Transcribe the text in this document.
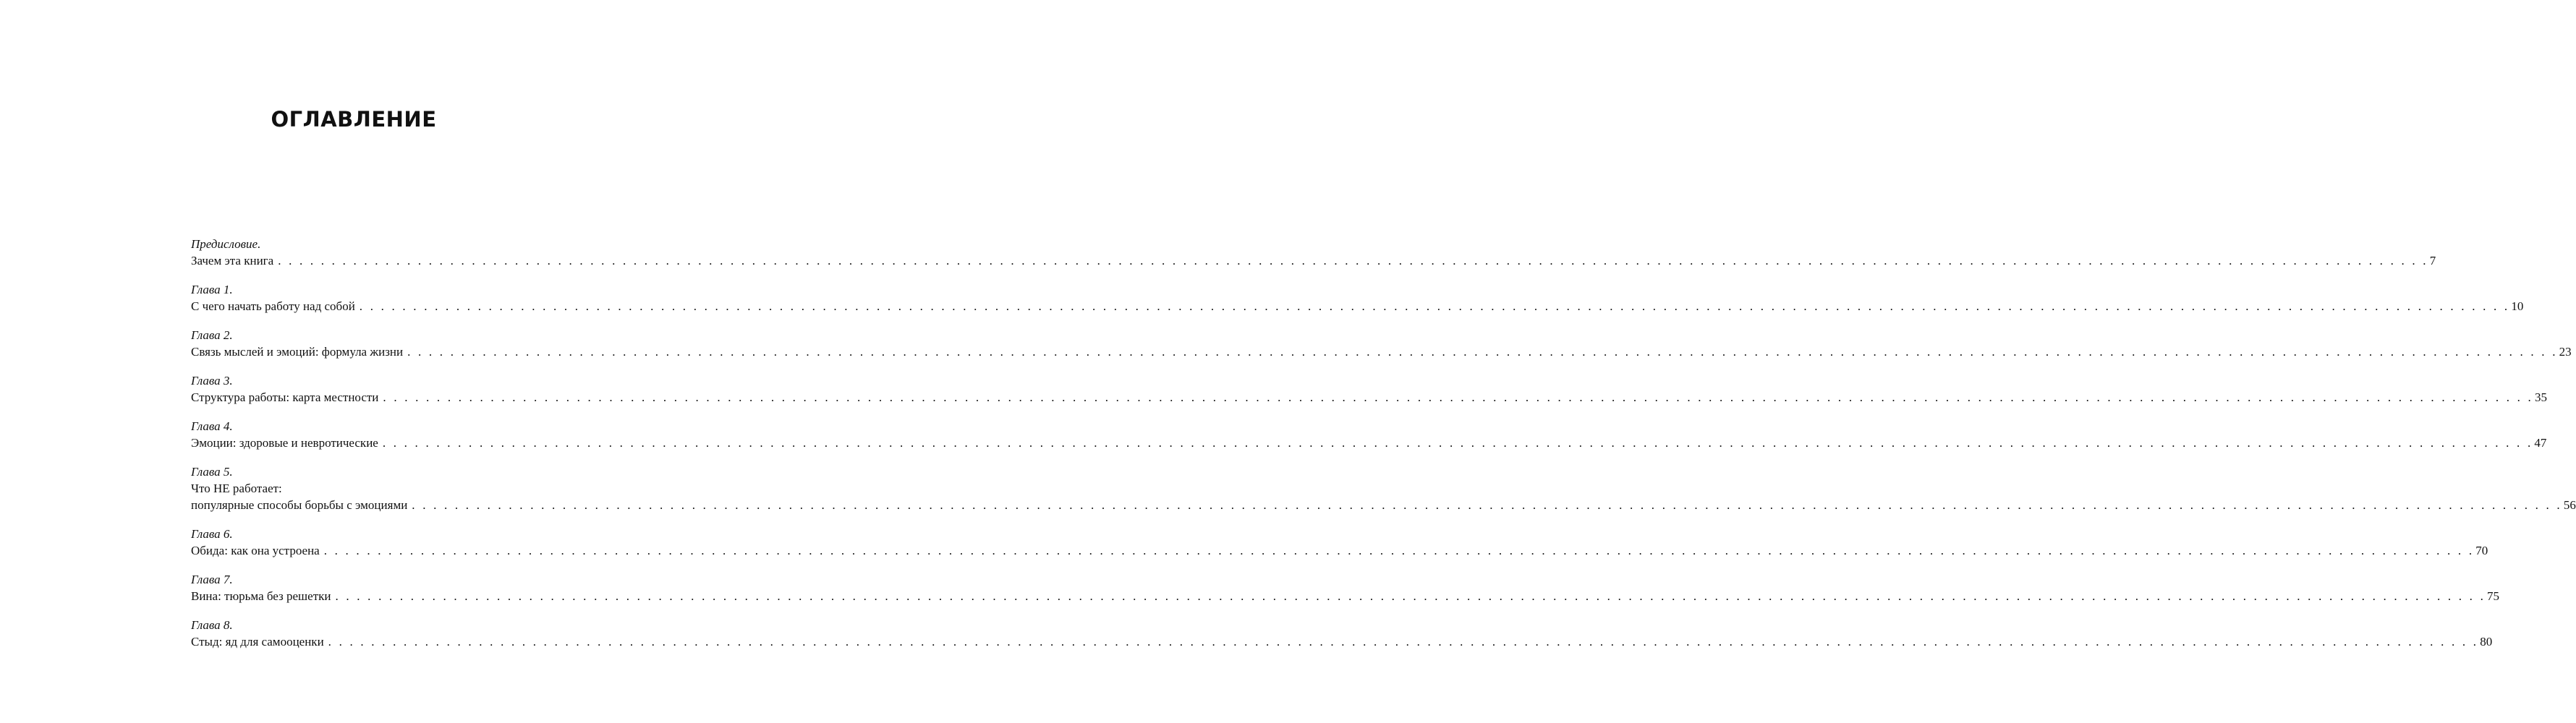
ОГЛАВЛЕНИЕ
Предисловие.
Зачем эта книга . . . . . . . . . . . . . . . . . . . . . . . . . . . . . . . . . . . . . . . . . . . . . . . . . . . . . . . . . . . . . . . . . . . . . . . . . . . . . . . . . . . . . . . . . . . . . . . . . . . . . . . . . . . . . . . . . . . . . . . . . . . . . . . . . . . . . . . . . . . . . . . . . . . . . . . . . . . . . . . . . . . . . . . . . . . . . . . . . . . . . . . . . . . . . . . . . . . . . . . . 7
Глава 1.
С чего начать работу над собой . . . . . . . . . . . . . . . . . . . . . . . . . . . . . . . . . . . . . . . . . . . . . . . . . . . . . . . . . . . . . . . . . . . . . . . . . . . . . . . . . . . . . . . . . . . . . . . . . . . . . . . . . . . . . . . . . . . . . . . . . . . . . . . . . . . . . . . . . . . . . . . . . . . . . . . . . . . . . . . . . . . . . . . . . . . . . . . . . . . . . . . . . . . . . . . . . . . . . . . . 10
Глава 2.
Связь мыслей и эмоций: формула жизни . . . . . . . . . . . . . . . . . . . . . . . . . . . . . . . . . . . . . . . . . . . . . . . . . . . . . . . . . . . . . . . . . . . . . . . . . . . . . . . . . . . . . . . . . . . . . . . . . . . . . . . . . . . . . . . . . . . . . . . . . . . . . . . . . . . . . . . . . . . . . . . . . . . . . . . . . . . . . . . . . . . . . . . . . . . . . . . . . . . . . . . . . . . . . . . . . . . . . . . . 23
Глава 3.
Структура работы: карта местности . . . . . . . . . . . . . . . . . . . . . . . . . . . . . . . . . . . . . . . . . . . . . . . . . . . . . . . . . . . . . . . . . . . . . . . . . . . . . . . . . . . . . . . . . . . . . . . . . . . . . . . . . . . . . . . . . . . . . . . . . . . . . . . . . . . . . . . . . . . . . . . . . . . . . . . . . . . . . . . . . . . . . . . . . . . . . . . . . . . . . . . . . . . . . . . . . . . . . . . . 35
Глава 4.
Эмоции: здоровые и невротические . . . . . . . . . . . . . . . . . . . . . . . . . . . . . . . . . . . . . . . . . . . . . . . . . . . . . . . . . . . . . . . . . . . . . . . . . . . . . . . . . . . . . . . . . . . . . . . . . . . . . . . . . . . . . . . . . . . . . . . . . . . . . . . . . . . . . . . . . . . . . . . . . . . . . . . . . . . . . . . . . . . . . . . . . . . . . . . . . . . . . . . . . . . . . . . . . . . . . . . . 47
Глава 5.
Что НЕ работает:
популярные способы борьбы с эмоциями . . . . . . . . . . . . . . . . . . . . . . . . . . . . . . . . . . . . . . . . . . . . . . . . . . . . . . . . . . . . . . . . . . . . . . . . . . . . . . . . . . . . . . . . . . . . . . . . . . . . . . . . . . . . . . . . . . . . . . . . . . . . . . . . . . . . . . . . . . . . . . . . . . . . . . . . . . . . . . . . . . . . . . . . . . . . . . . . . . . . . . . . . . . . . . . . . . . . . . . . 56
Глава 6.
Обида: как она устроена . . . . . . . . . . . . . . . . . . . . . . . . . . . . . . . . . . . . . . . . . . . . . . . . . . . . . . . . . . . . . . . . . . . . . . . . . . . . . . . . . . . . . . . . . . . . . . . . . . . . . . . . . . . . . . . . . . . . . . . . . . . . . . . . . . . . . . . . . . . . . . . . . . . . . . . . . . . . . . . . . . . . . . . . . . . . . . . . . . . . . . . . . . . . . . . . . . . . . . . . 70
Глава 7.
Вина: тюрьма без решетки . . . . . . . . . . . . . . . . . . . . . . . . . . . . . . . . . . . . . . . . . . . . . . . . . . . . . . . . . . . . . . . . . . . . . . . . . . . . . . . . . . . . . . . . . . . . . . . . . . . . . . . . . . . . . . . . . . . . . . . . . . . . . . . . . . . . . . . . . . . . . . . . . . . . . . . . . . . . . . . . . . . . . . . . . . . . . . . . . . . . . . . . . . . . . . . . . . . . . . . . 75
Глава 8.
Стыд: яд для самооценки . . . . . . . . . . . . . . . . . . . . . . . . . . . . . . . . . . . . . . . . . . . . . . . . . . . . . . . . . . . . . . . . . . . . . . . . . . . . . . . . . . . . . . . . . . . . . . . . . . . . . . . . . . . . . . . . . . . . . . . . . . . . . . . . . . . . . . . . . . . . . . . . . . . . . . . . . . . . . . . . . . . . . . . . . . . . . . . . . . . . . . . . . . . . . . . . . . . . . . . . 80
